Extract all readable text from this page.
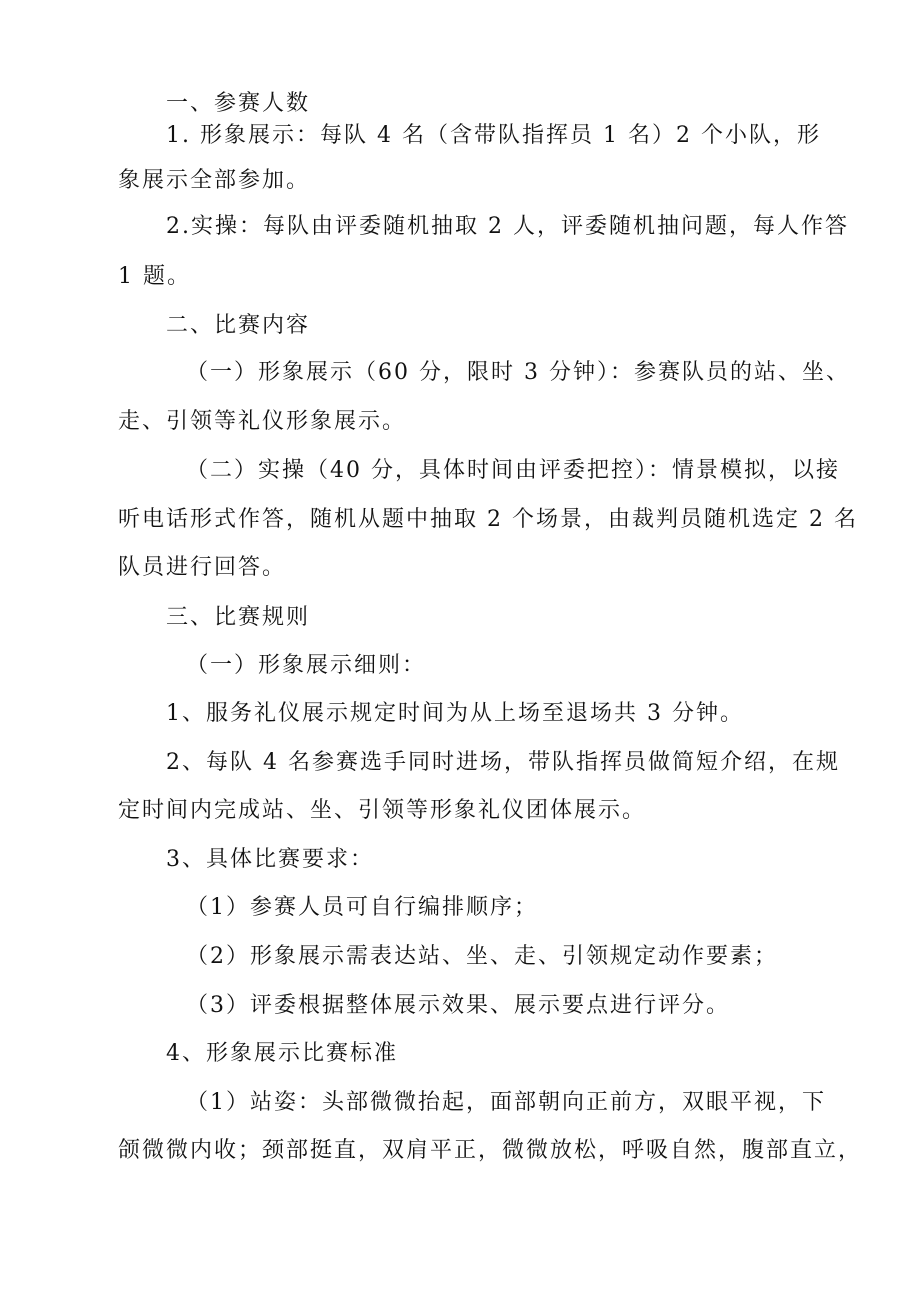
一、参赛人数
1. 形象展示：每队 4 名（含带队指挥员 1 名）2 个小队，形
象展示全部参加。
2.实操：每队由评委随机抽取 2 人，评委随机抽问题，每人作答
1 题。
二、比赛内容
（一）形象展示（60 分，限时 3 分钟）：参赛队员的站、坐、
走、引领等礼仪形象展示。
（二）实操（40 分，具体时间由评委把控）：情景模拟，以接
听电话形式作答，随机从题中抽取 2 个场景，由裁判员随机选定 2 名
队员进行回答。
三、比赛规则
（一）形象展示细则：
1、服务礼仪展示规定时间为从上场至退场共 3 分钟。
2、每队 4 名参赛选手同时进场，带队指挥员做简短介绍，在规
定时间内完成站、坐、引领等形象礼仪团体展示。
3、具体比赛要求：
（1）参赛人员可自行编排顺序；
（2）形象展示需表达站、坐、走、引领规定动作要素；
（3）评委根据整体展示效果、展示要点进行评分。
4、形象展示比赛标准
（1）站姿：头部微微抬起，面部朝向正前方，双眼平视，下
颌微微内收；颈部挺直，双肩平正，微微放松，呼吸自然，腹部直立，
